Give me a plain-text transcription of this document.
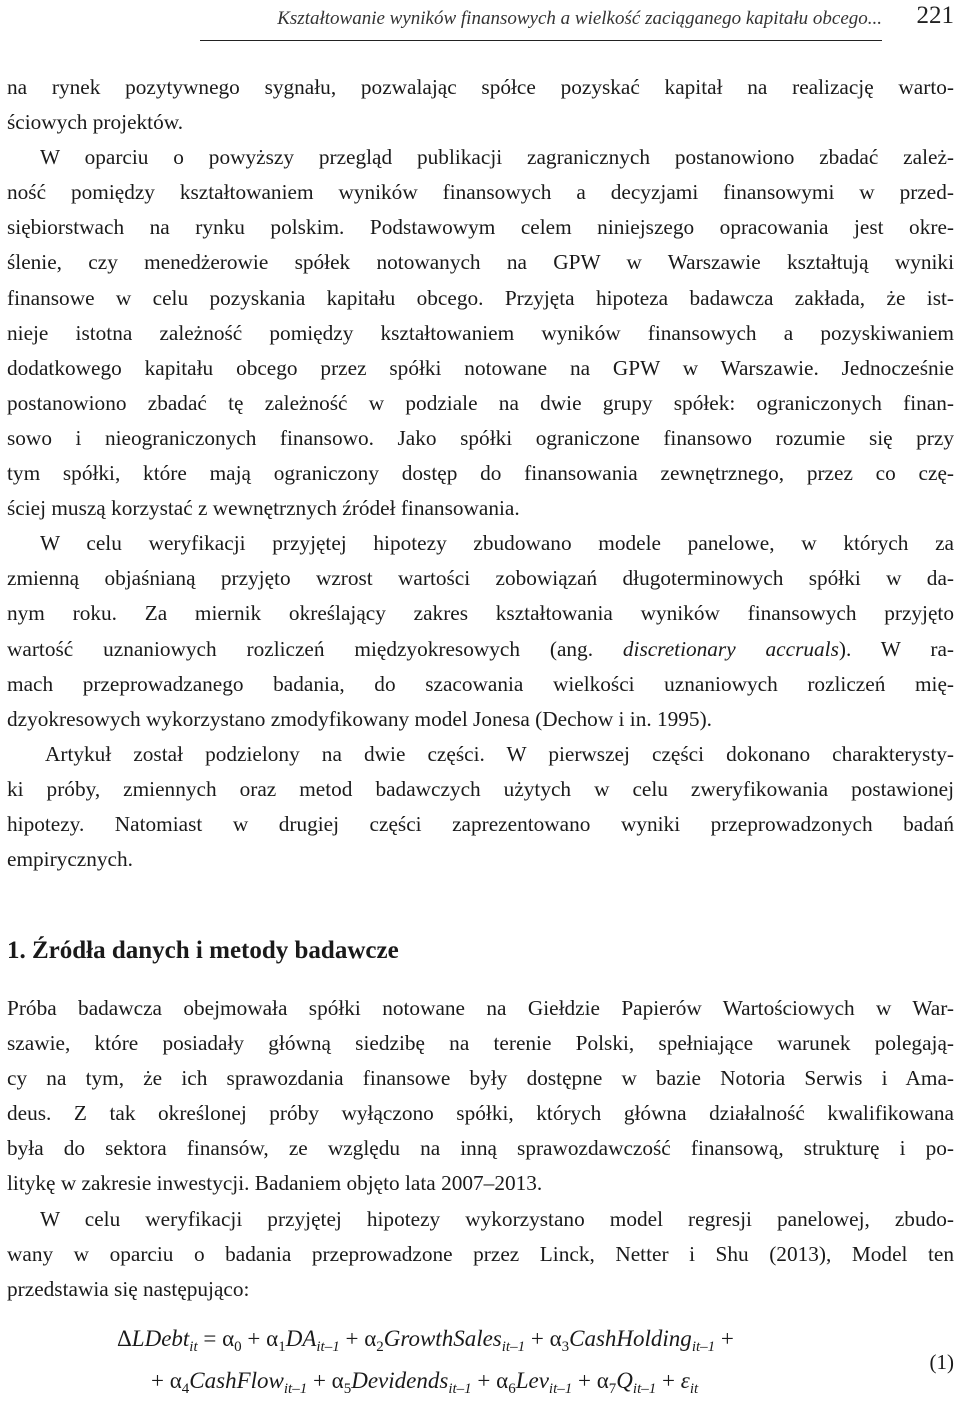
Kształtowanie wyników finansowych a wielkość zaciąganego kapitału obcego... 221
na rynek pozytywnego sygnału, pozwalając spółce pozyskać kapitał na realizację warto-
ściowych projektów.
W oparciu o powyższy przegląd publikacji zagranicznych postanowiono zbadać zależ-
ność pomiędzy kształtowaniem wyników finansowych a decyzjami finansowymi w przed-
siębiorstwach na rynku polskim. Podstawowym celem niniejszego opracowania jest okre-
ślenie, czy menedżerowie spółek notowanych na GPW w Warszawie kształtują wyniki
finansowe w celu pozyskania kapitału obcego. Przyjęta hipoteza badawcza zakłada, że ist-
nieje istotna zależność pomiędzy kształtowaniem wyników finansowych a pozyskiwaniem
dodatkowego kapitału obcego przez spółki notowane na GPW w Warszawie. Jednocześnie
postanowiono zbadać tę zależność w podziale na dwie grupy spółek: ograniczonych finan-
sowo i nieograniczonych finansowo. Jako spółki ograniczone finansowo rozumie się przy
tym spółki, które mają ograniczony dostęp do finansowania zewnętrznego, przez co czę-
ściej muszą korzystać z wewnętrznych źródeł finansowania.
W celu weryfikacji przyjętej hipotezy zbudowano modele panelowe, w których za
zmienną objaśnianą przyjęto wzrost wartości zobowiązań długoterminowych spółki w da-
nym roku. Za miernik określający zakres kształtowania wyników finansowych przyjęto
wartość uznaniowych rozliczeń międzyokresowych (ang. discretionary accruals). W ra-
mach przeprowadzanego badania, do szacowania wielkości uznaniowych rozliczeń mię-
dzyokresowych wykorzystano zmodyfikowany model Jonesa (Dechow i in. 1995).
Artykuł został podzielony na dwie części. W pierwszej części dokonano charakterysty-
ki próby, zmiennych oraz metod badawczych użytych w celu zweryfikowania postawionej
hipotezy. Natomiast w drugiej części zaprezentowano wyniki przeprowadzonych badań
empirycznych.
1. Źródła danych i metody badawcze
Próba badawcza obejmowała spółki notowane na Giełdzie Papierów Wartościowych w War-
szawie, które posiadały główną siedzibę na terenie Polski, spełniające warunek polegają-
cy na tym, że ich sprawozdania finansowe były dostępne w bazie Notoria Serwis i Ama-
deus. Z tak określonej próby wyłączono spółki, których główna działalność kwalifikowana
była do sektora finansów, ze względu na inną sprawozdawczość finansową, strukturę i po-
litykę w zakresie inwestycji. Badaniem objęto lata 2007–2013.
W celu weryfikacji przyjętej hipotezy wykorzystano model regresji panelowej, zbudo-
wany w oparciu o badania przeprowadzone przez Linck, Netter i Shu (2013), Model ten
przedstawia się następująco:
ΔLDebt$_{it}$ = $\alpha_0 + \alpha_1DA_{it-1}$ + $\alpha_2GrowthSales_{it-1}$ + $\alpha_3CashHolding_{it-1}$ +
+ $\alpha_4CashFlow_{it-1}$ + $\alpha_5Devidends_{it-1} + \alpha_6Lev_{it-1} + \alpha_7Q_{it-1} + \varepsilon_{it}$
(1)
